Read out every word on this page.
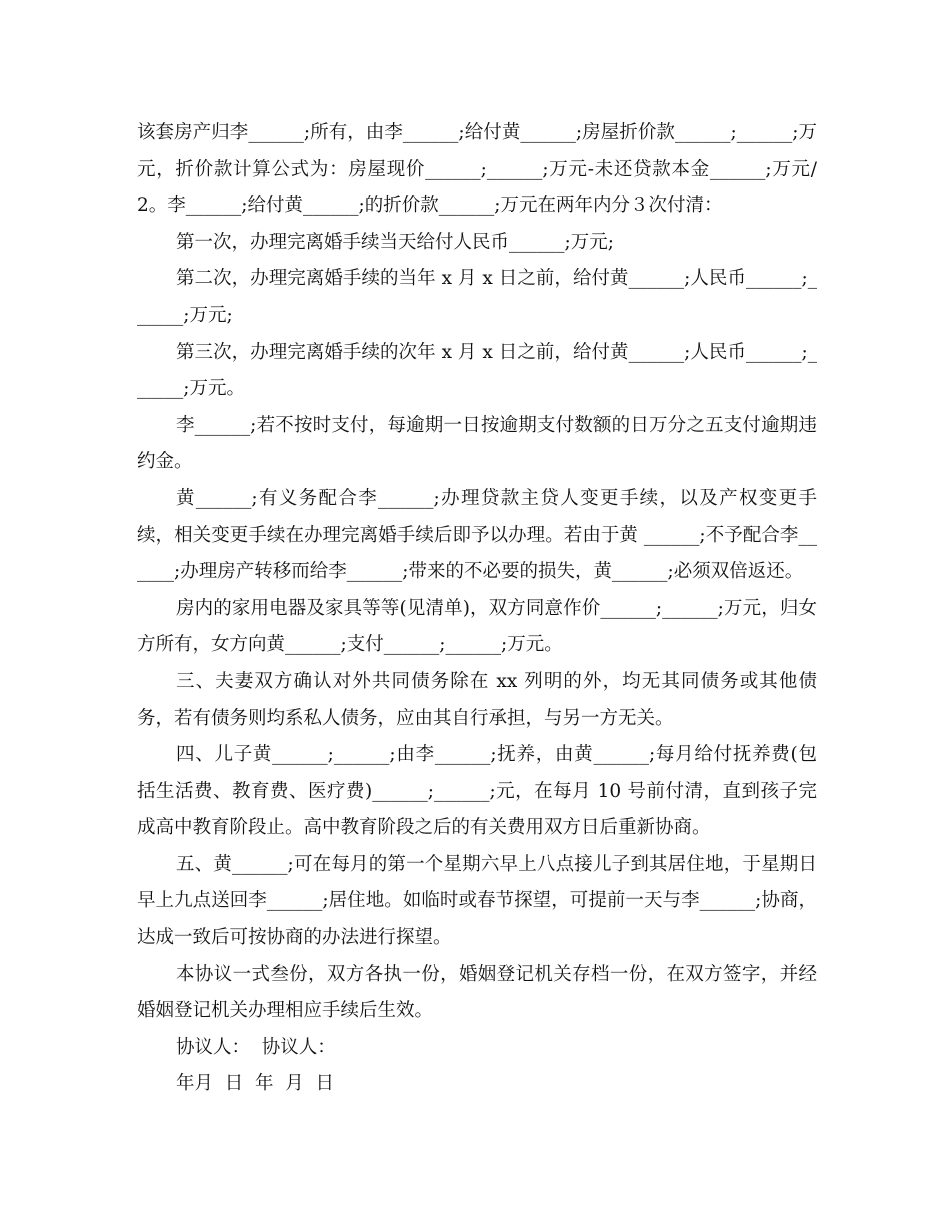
该套房产归李______;所有，由李______;给付黄______;房屋折价款______;______;万元，折价款计算公式为：房屋现价______;______;万元-未还贷款本金______;万元/2。李______;给付黄______;的折价款______;万元在两年内分３次付清：

第一次，办理完离婚手续当天给付人民币______;万元;

第二次，办理完离婚手续的当年 x 月 x 日之前，给付黄______;人民币______;______;万元;

第三次，办理完离婚手续的次年 x 月 x 日之前，给付黄______;人民币______;______;万元。

李______;若不按时支付，每逾期一日按逾期支付数额的日万分之五支付逾期违约金。

黄______;有义务配合李______;办理贷款主贷人变更手续，以及产权变更手续，相关变更手续在办理完离婚手续后即予以办理。若由于黄 ______;不予配合李______;办理房产转移而给李______;带来的不必要的损失，黄______;必须双倍返还。

房内的家用电器及家具等等(见清单)，双方同意作价______;______;万元，归女方所有，女方向黄______;支付______;______;万元。

三、夫妻双方确认对外共同债务除在 xx 列明的外，均无其同债务或其他债务，若有债务则均系私人债务，应由其自行承担，与另一方无关。

四、儿子黄______;______;由李______;抚养，由黄______;每月给付抚养费(包括生活费、教育费、医疗费)______;______;元，在每月 10 号前付清，直到孩子完成高中教育阶段止。高中教育阶段之后的有关费用双方日后重新协商。

五、黄______;可在每月的第一个星期六早上八点接儿子到其居住地，于星期日早上九点送回李______;居住地。如临时或春节探望，可提前一天与李______;协商，达成一致后可按协商的办法进行探望。

本协议一式叁份，双方各执一份，婚姻登记机关存档一份，在双方签字，并经婚姻登记机关办理相应手续后生效。

协议人：  协议人：

年月  日  年  月  日
